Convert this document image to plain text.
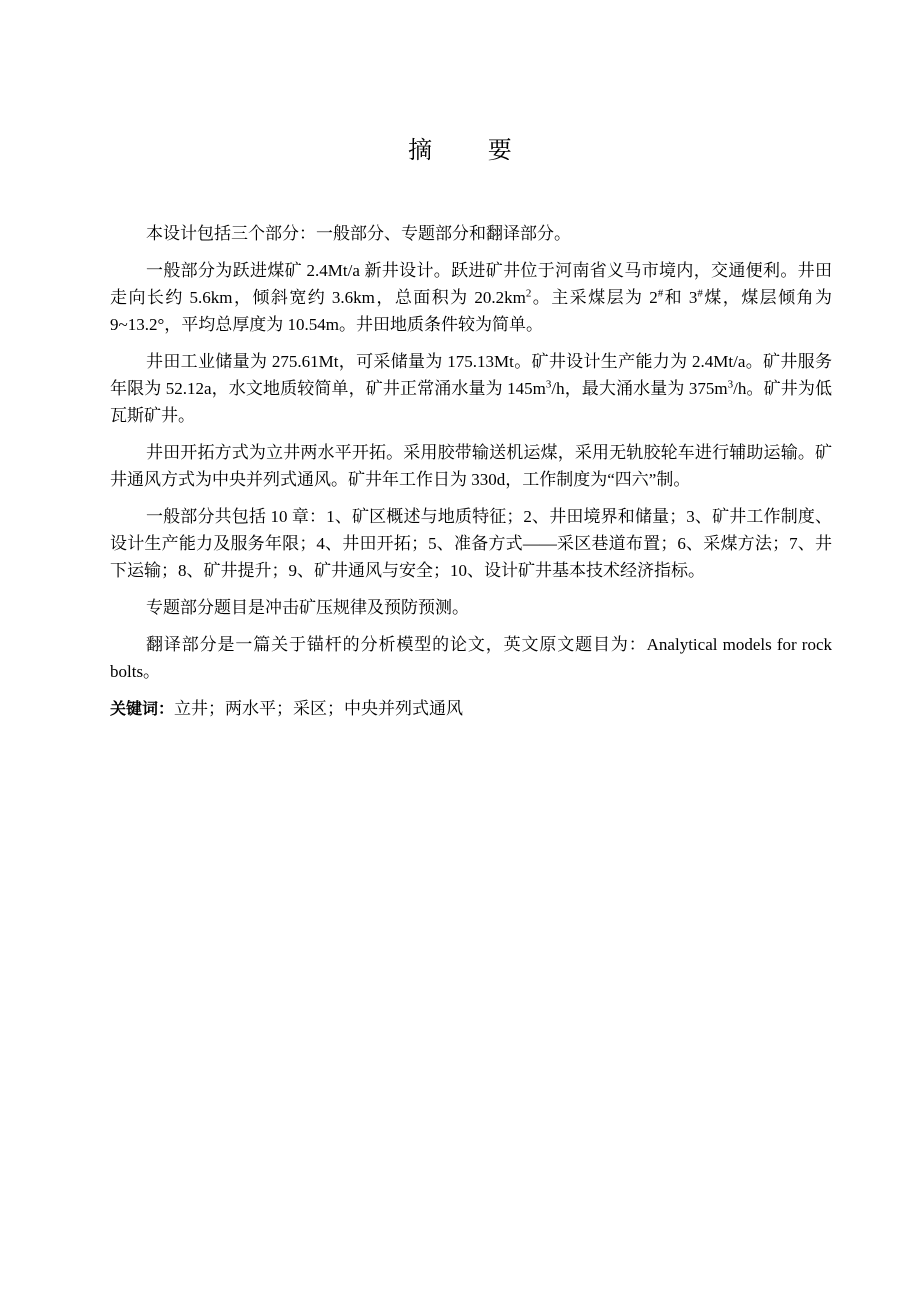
摘 要

本设计包括三个部分：一般部分、专题部分和翻译部分。

一般部分为跃进煤矿 2.4Mt/a 新井设计。跃进矿井位于河南省义马市境内，交通便利。井田走向长约 5.6km，倾斜宽约 3.6km，总面积为 $20.2km^2$。主采煤层为 2#和 3#煤，煤层倾角为 9~13.2°，平均总厚度为 10.54m。井田地质条件较为简单。

井田工业储量为 275.61Mt，可采储量为 175.13Mt。矿井设计生产能力为 2.4Mt/a。矿井服务年限为 52.12a，水文地质较简单，矿井正常涌水量为 $145m^3/h$，最大涌水量为 $375m^3/h$。矿井为低瓦斯矿井。

井田开拓方式为立井两水平开拓。采用胶带输送机运煤，采用无轨胶轮车进行辅助运输。矿井通风方式为中央并列式通风。矿井年工作日为 330d，工作制度为“四六”制。

一般部分共包括 10 章：1、矿区概述与地质特征；2、井田境界和储量；3、矿井工作制度、设计生产能力及服务年限；4、井田开拓；5、准备方式——采区巷道布置；6、采煤方法；7、井下运输；8、矿井提升；9、矿井通风与安全；10、设计矿井基本技术经济指标。

专题部分题目是冲击矿压规律及预防预测。

翻译部分是一篇关于锚杆的分析模型的论文，英文原文题目为：Analytical models for rock bolts。

关键词：立井；两水平；采区；中央并列式通风
